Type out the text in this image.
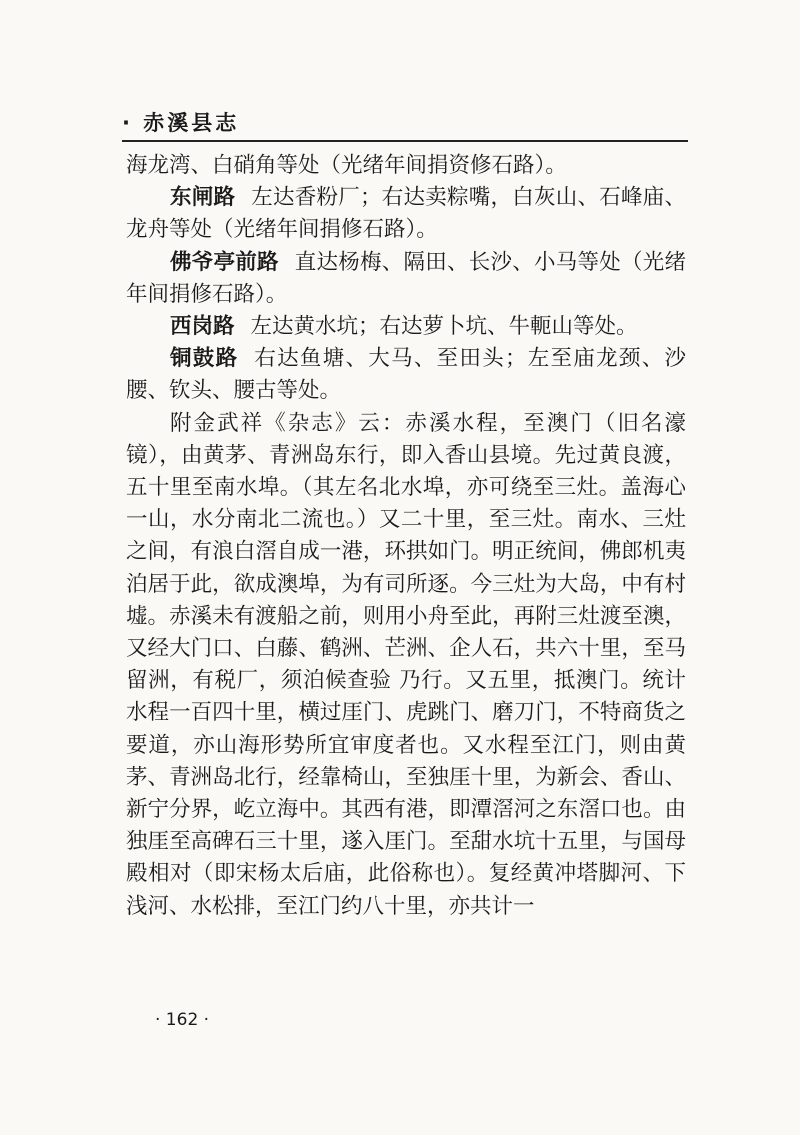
· 赤溪县志

海龙湾、白硝角等处（光绪年间捐资修石路）。

东闸路 左达香粉厂；右达卖粽嘴，白灰山、石峰庙、龙舟等处（光绪年间捐修石路）。

佛爷亭前路 直达杨梅、隔田、长沙、小马等处（光绪年间捐修石路）。

西岗路 左达黄水坑；右达萝卜坑、牛軛山等处。

铜鼓路 右达鱼塘、大马、至田头；左至庙龙颈、沙腰、钦头、腰古等处。

附金武祥《杂志》云：赤溪水程，至澳门（旧名濠镜），由黄茅、青洲岛东行，即入香山县境。先过黄良渡，五十里至南水埠。（其左名北水埠，亦可绕至三灶。盖海心一山，水分南北二流也。）又二十里，至三灶。南水、三灶之间，有浪白滘自成一港，环拱如门。明正统间，佛郎机夷泊居于此，欲成澳埠，为有司所逐。今三灶为大岛，中有村墟。赤溪未有渡船之前，则用小舟至此，再附三灶渡至澳，又经大门口、白藤、鹤洲、芒洲、企人石，共六十里，至马留洲，有税厂，须泊候查验 乃行。又五里，抵澳门。统计水程一百四十里，横过厓门、虎跳门、磨刀门，不特商货之要道，亦山海形势所宜审度者也。又水程至江门，则由黄茅、青洲岛北行，经靠椅山，至独厓十里，为新会、香山、新宁分界，屹立海中。其西有港，即潭滘河之东滘口也。由独厓至高碑石三十里，遂入厓门。至甜水坑十五里，与国母殿相对（即宋杨太后庙，此俗称也）。复经黄冲塔脚河、下浅河、水松排，至江门约八十里，亦共计一

· 162 ·
